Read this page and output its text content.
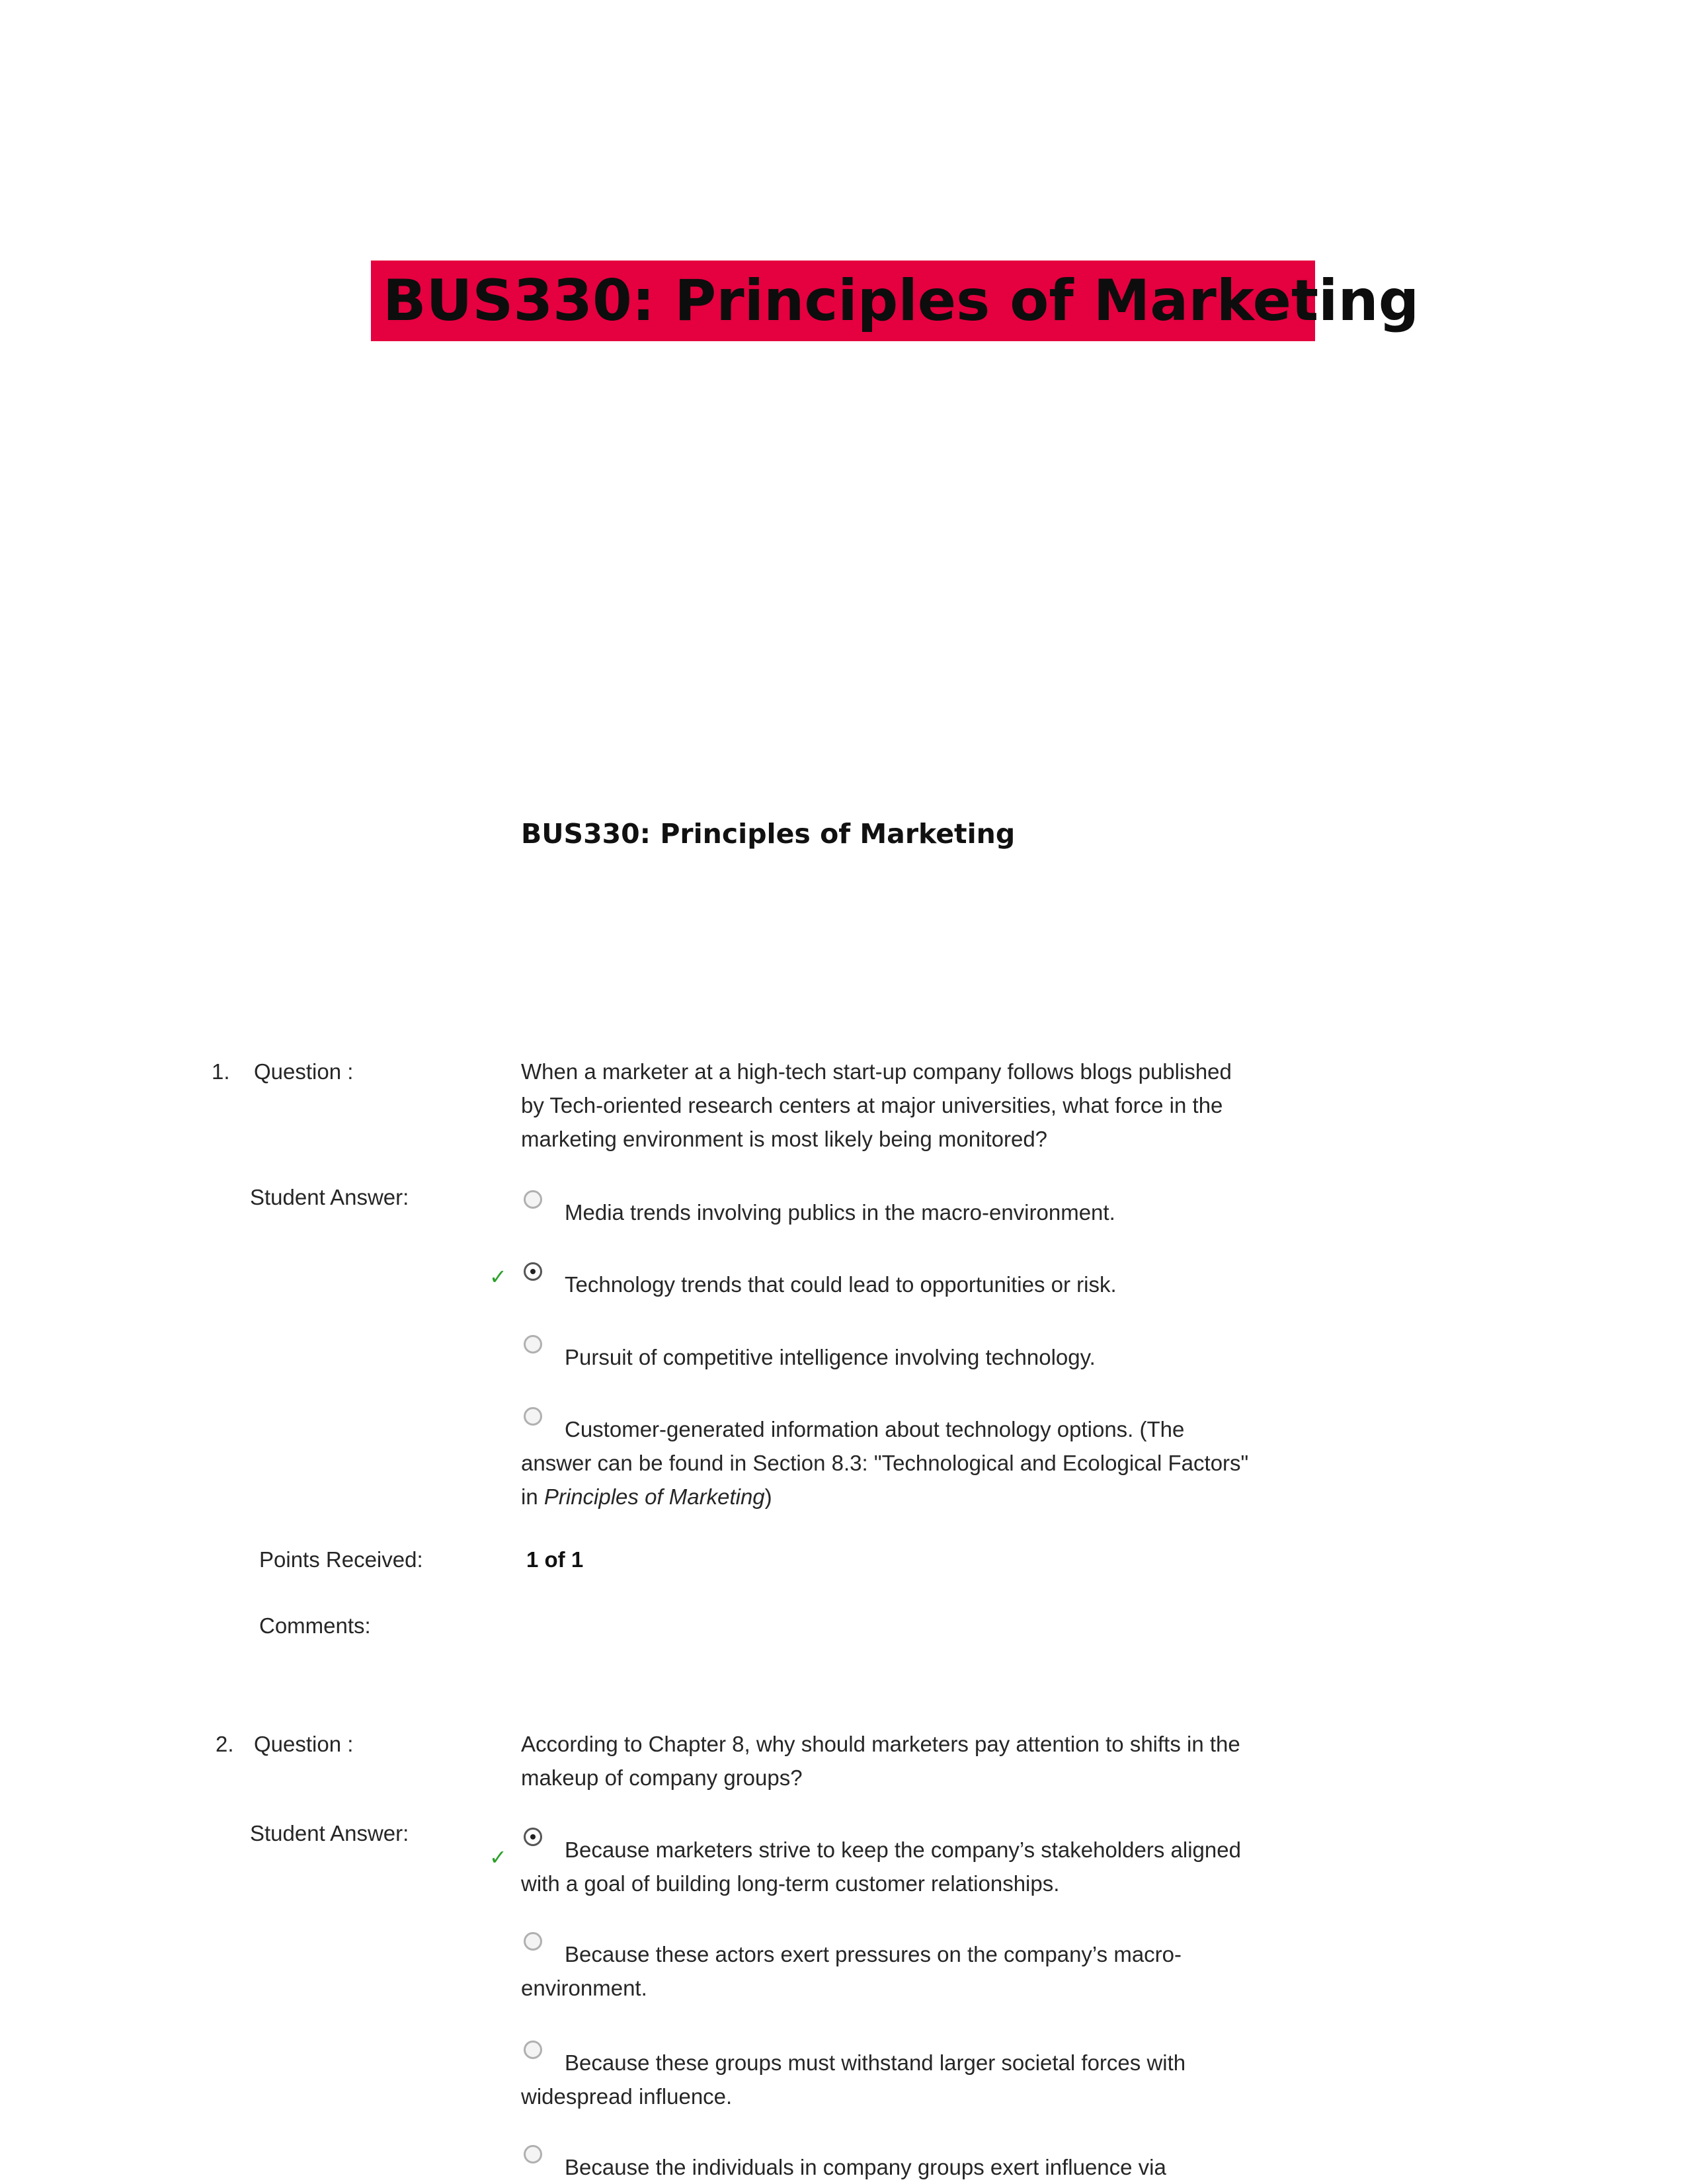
BUS330: Principles of Marketing
BUS330: Principles of Marketing
1. Question :	When a marketer at a high-tech start-up company follows blogs published by Tech-oriented research centers at major universities, what force in the marketing environment is most likely being monitored?
Student Answer:
Media trends involving publics in the macro-environment.
✓	Technology trends that could lead to opportunities or risk.
Pursuit of competitive intelligence involving technology.
Customer-generated information about technology options. (The answer can be found in Section 8.3: "Technological and Ecological Factors" in Principles of Marketing)
Points Received:	1 of 1
Comments:
2. Question :	According to Chapter 8, why should marketers pay attention to shifts in the makeup of company groups?
Student Answer:
✓	Because marketers strive to keep the company’s stakeholders aligned with a goal of building long-term customer relationships.
Because these actors exert pressures on the company’s macro-environment.
Because these groups must withstand larger societal forces with widespread influence.
Because the individuals in company groups exert influence via
